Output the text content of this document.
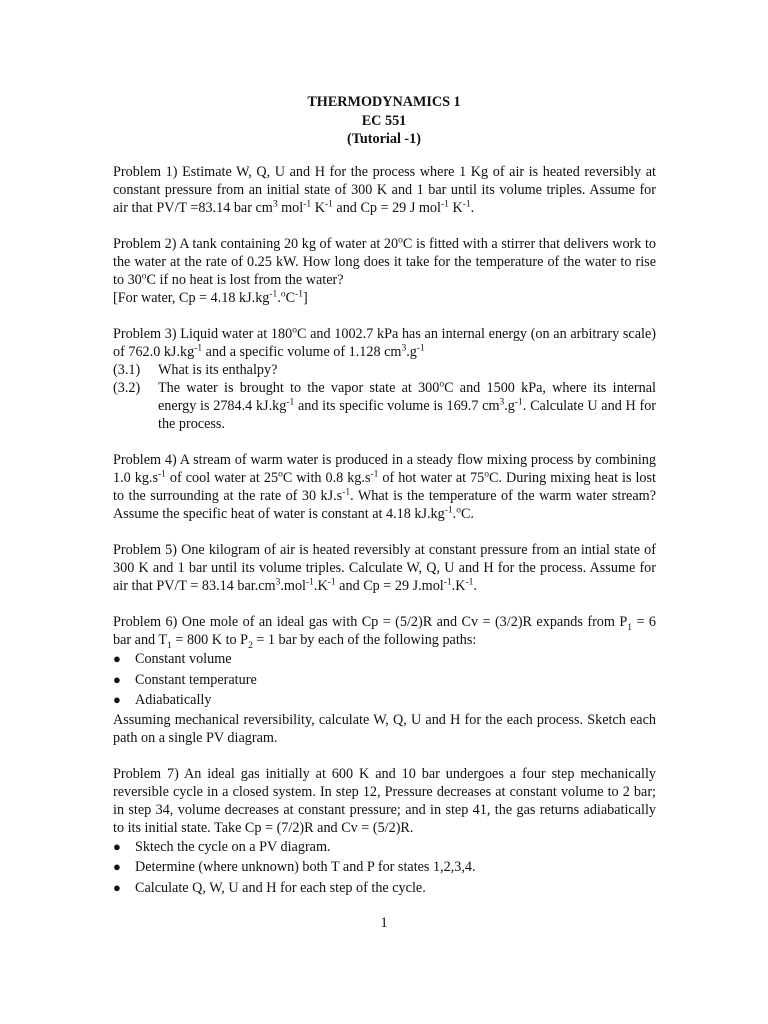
THERMODYNAMICS 1
EC 551
(Tutorial -1)

Problem 1) Estimate W, Q, U and H for the process where 1 Kg of air is heated reversibly at constant pressure from an initial state of 300 K and 1 bar until its volume triples. Assume for air that PV/T =83.14 bar $cm^3$ mol$^{-1}$ $K^{-1}$ and Cp = 29 J mol$^{-1}$ $K^{-1}$.

Problem 2) A tank containing 20 kg of water at 20$^o$C is fitted with a stirrer that delivers work to the water at the rate of 0.25 kW. How long does it take for the temperature of the water to rise to 30$^o$C if no heat is lost from the water?

[For water, Cp = 4.18 $kJ.kg^{-1}.^oC^{-1}$]

Problem 3) Liquid water at 180$^o$C and 1002.7 kPa has an internal energy (on an arbitrary scale) of 762.0 $kJ.kg^{-1}$ and a specific volume of 1.128 $cm^3.g^{-1}$

(3.1)	What is its enthalpy?
(3.2)	The water is brought to the vapor state at 300$^o$C and 1500 kPa, where its internal energy is 2784.4 $kJ.kg^{-1}$ and its specific volume is 169.7 $cm^3.g^{-1}$. Calculate U and H for the process.

Problem 4) A stream of warm water is produced in a steady flow mixing process by combining 1.0 $kg.s^{-1}$ of cool water at 25$^o$C with 0.8 $kg.s^{-1}$ of hot water at 75$^o$C. During mixing heat is lost to the surrounding at the rate of 30 $kJ.s^{-1}$. What is the temperature of the warm water stream? Assume the specific heat of water is constant at 4.18 $kJ.kg^{-1}.^oC$.

Problem 5) One kilogram of air is heated reversibly at constant pressure from an intial state of 300 K and 1 bar until its volume triples. Calculate W, Q, U and H for the process. Assume for air that PV/T = 83.14 $bar.cm^3.mol^{-1}.K^{-1}$ and Cp = 29 $J.mol^{-1}.K^{-1}$.

Problem 6) One mole of an ideal gas with Cp = (5/2)R and Cv = (3/2)R expands from $P_1 = 6$ bar and $T_1 = 800$ K to $P_2 = 1$ bar by each of the following paths:

● Constant volume
● Constant temperature
● Adiabatically

Assuming mechanical reversibility, calculate W, Q, U and H for the each process. Sketch each path on a single PV diagram.

Problem 7) An ideal gas initially at 600 K and 10 bar undergoes a four step mechanically reversible cycle in a closed system. In step 12, Pressure decreases at constant volume to 2 bar; in step 34, volume decreases at constant pressure; and in step 41, the gas returns adiabatically to its initial state. Take Cp = (7/2)R and Cv = (5/2)R.

● Sktech the cycle on a PV diagram.
● Determine (where unknown) both T and P for states 1,2,3,4.
● Calculate Q, W, U and H for each step of the cycle.
1
